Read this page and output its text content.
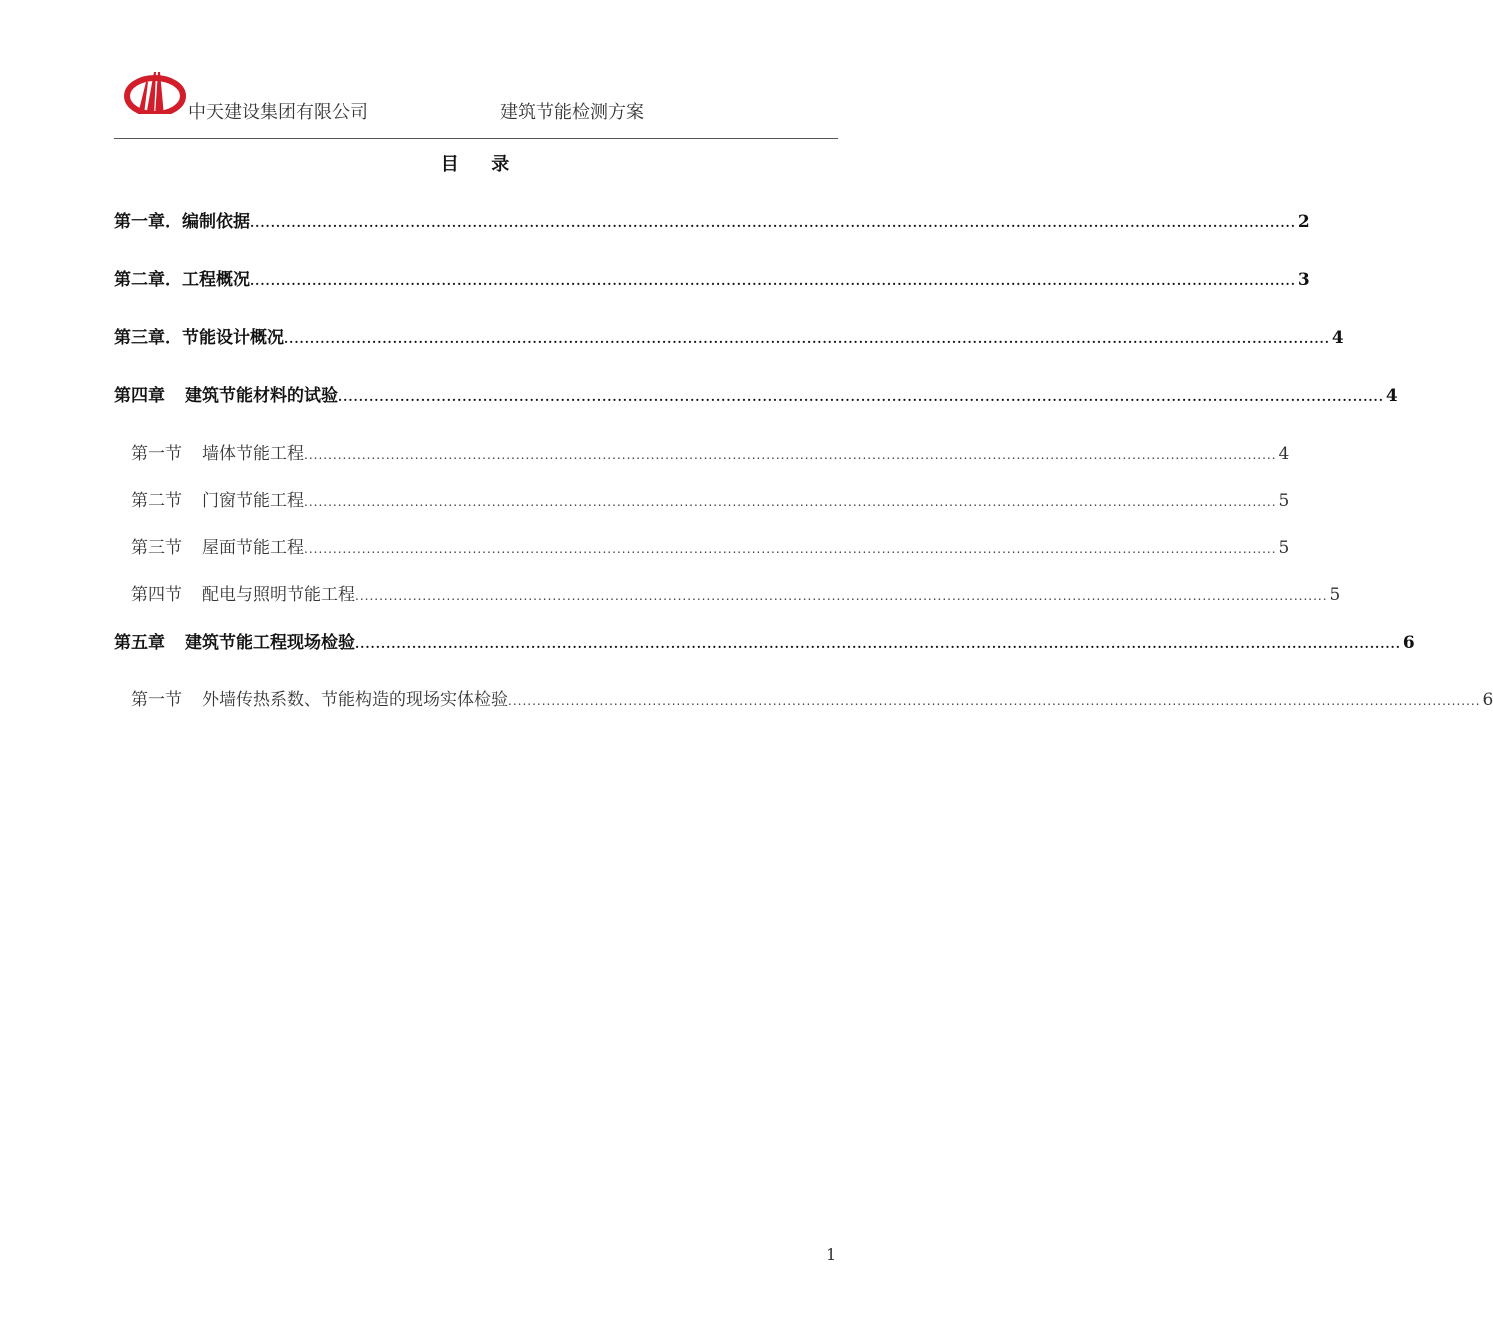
中天建设集团有限公司	建筑节能检测方案
目 录
第一章． 编制依据 .......................................................................................................................................................................................................... 2
第二章． 工程概况 .......................................................................................................................................................................................................... 3
第三章． 节能设计概况 .......................................................................................................................................................................................................... 4
第四章 建筑节能材料的试验 .......................................................................................................................................................................................................... 4
第一节 墙体节能工程 .......................................................................................................................................................................................................... 4
第二节 门窗节能工程 .......................................................................................................................................................................................................... 5
第三节 屋面节能工程 .......................................................................................................................................................................................................... 5
第四节 配电与照明节能工程 .......................................................................................................................................................................................................... 5
第五章 建筑节能工程现场检验 .......................................................................................................................................................................................................... 6
第一节 外墙传热系数、节能构造的现场实体检验 .......................................................................................................................................................................................................... 6
1
